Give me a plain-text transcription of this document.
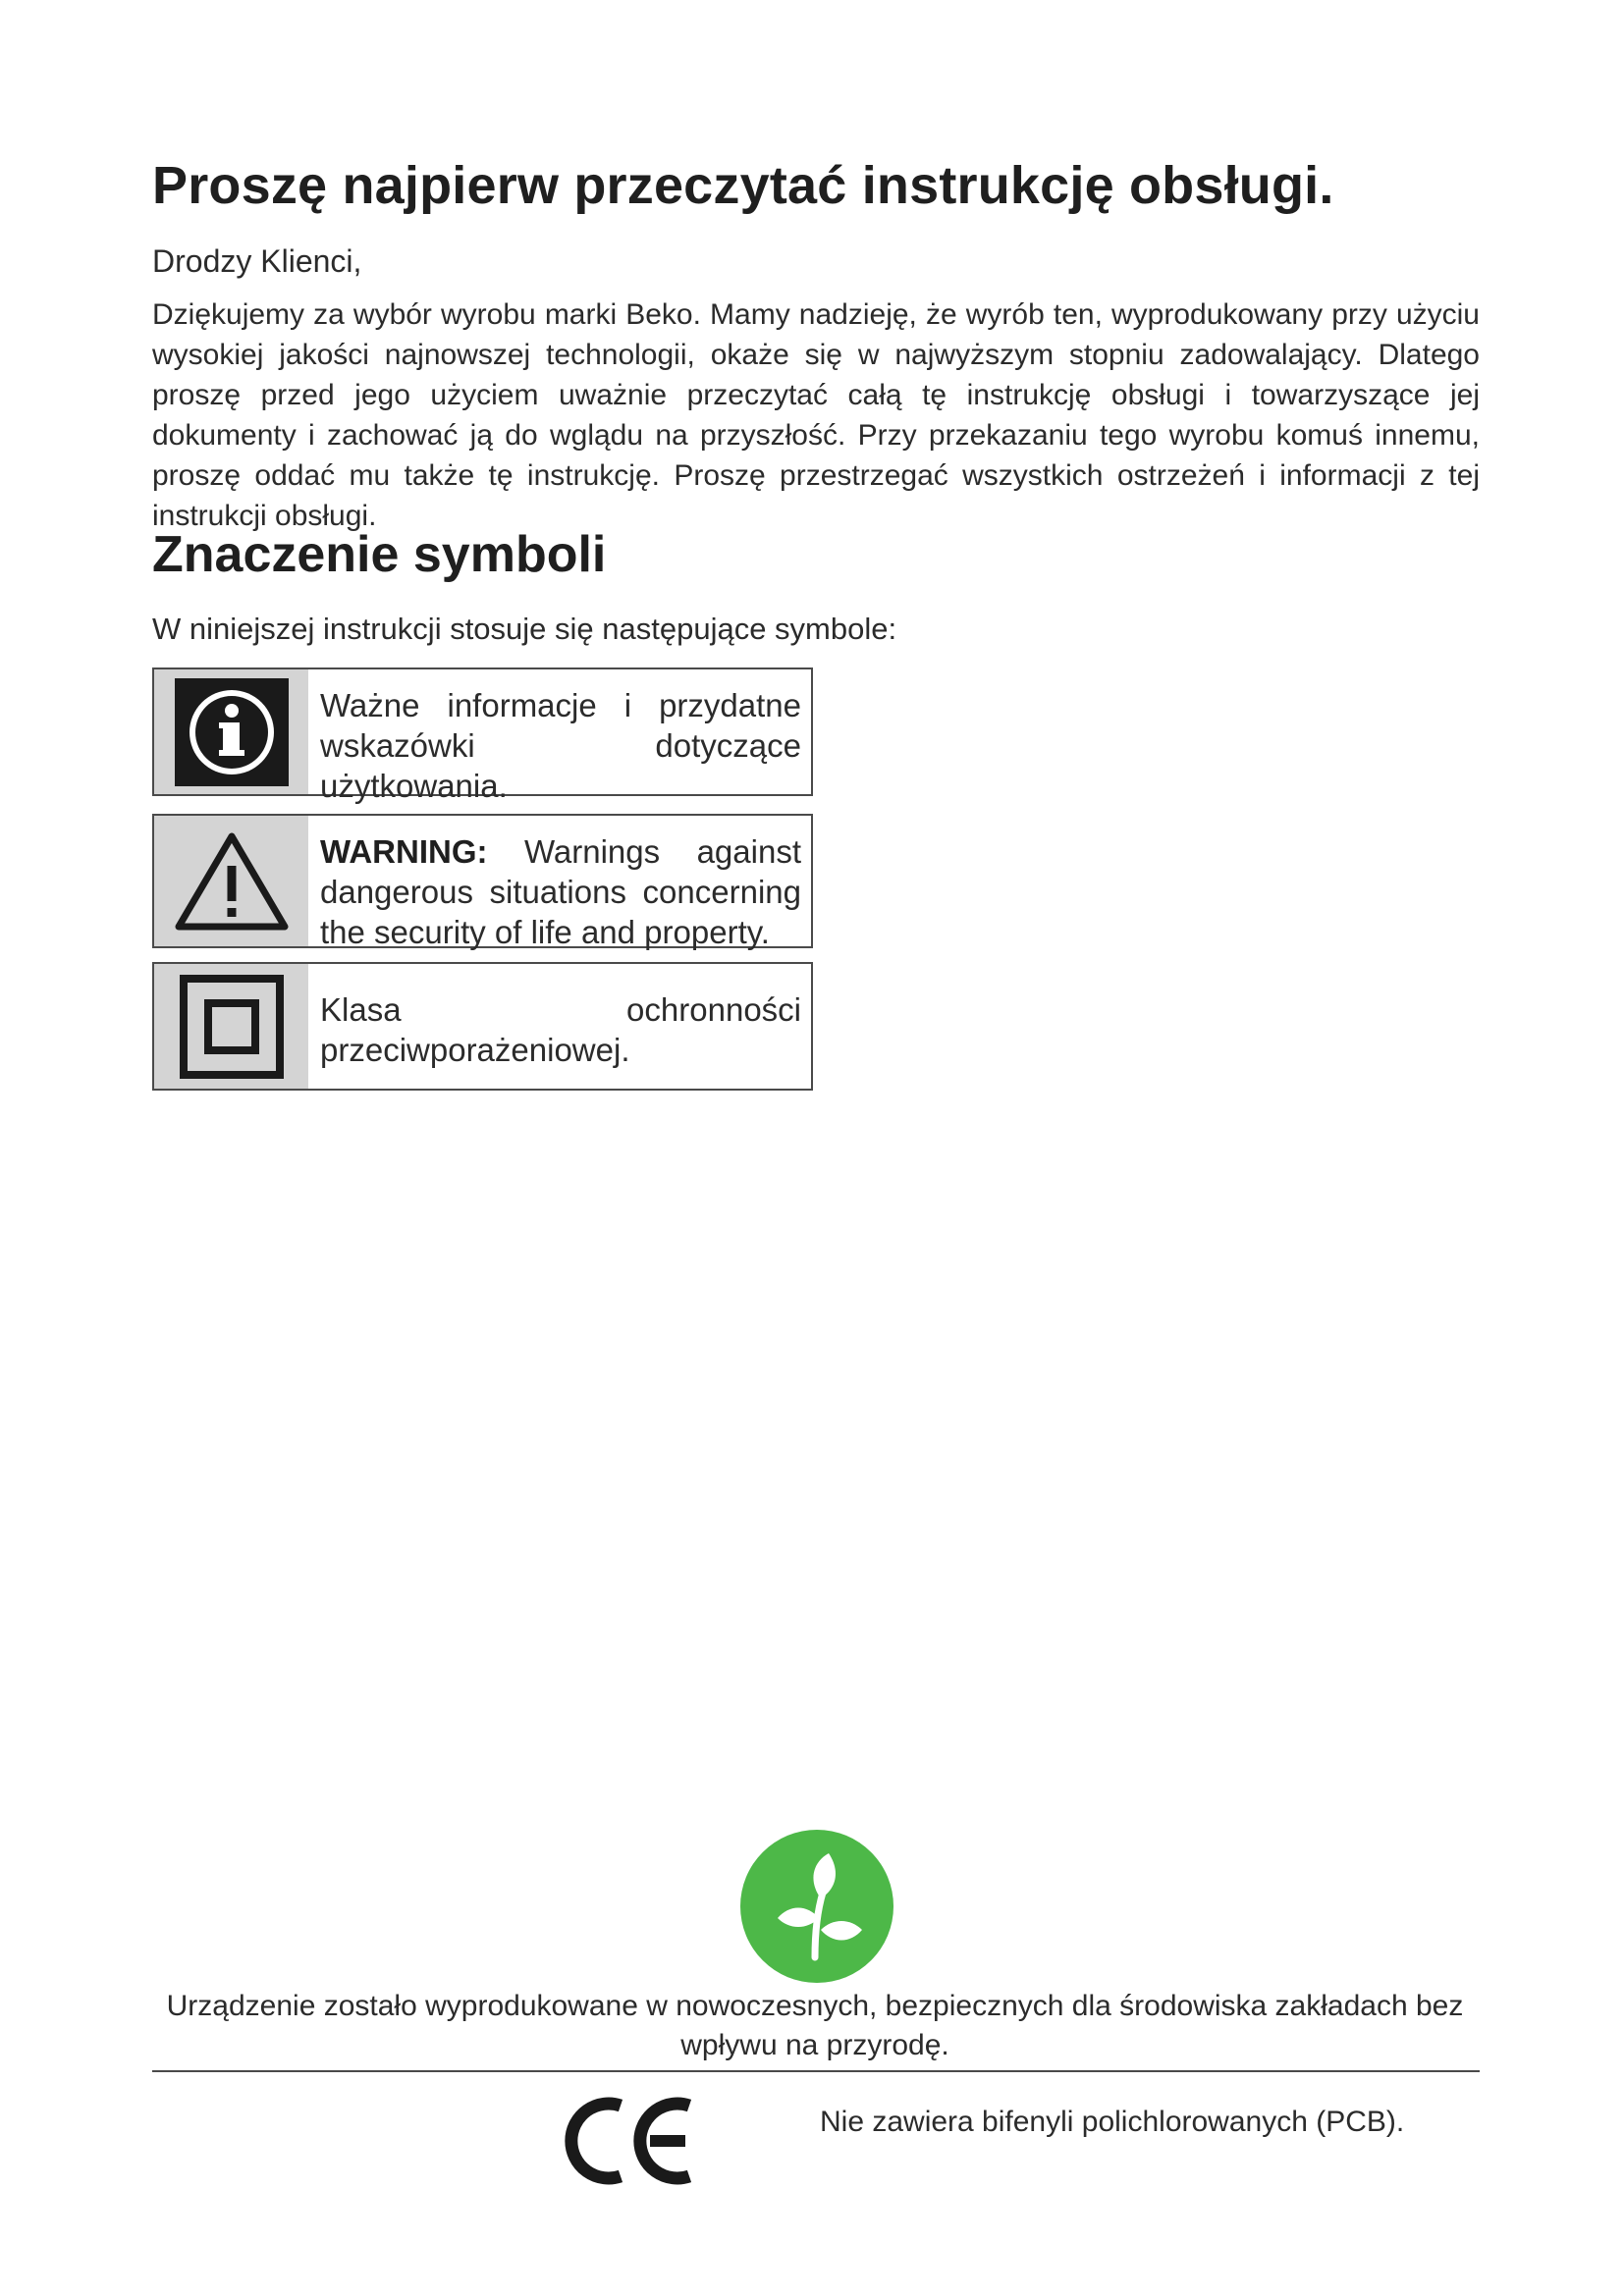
Proszę najpierw przeczytać instrukcję obsługi.

Drodzy Klienci,

Dziękujemy za wybór wyrobu marki Beko. Mamy nadzieję, że wyrób ten, wyprodukowany przy użyciu wysokiej jakości najnowszej technologii, okaże się w najwyższym stopniu zadowalający. Dlatego proszę przed jego użyciem uważnie przeczytać całą tę instrukcję obsługi i towarzyszące jej dokumenty i zachować ją do wglądu na przyszłość. Przy przekazaniu tego wyrobu komuś innemu, proszę oddać mu także tę instrukcję. Proszę przestrzegać wszystkich ostrzeżeń i informacji z tej instrukcji obsługi.

Znaczenie symboli

W niniejszej instrukcji stosuje się następujące symbole:

Ważne informacje i przydatne wskazówki dotyczące użytkowania.
WARNING: Warnings against dangerous situations concerning the security of life and property.
Klasa ochronności przeciwporażeniowej.

Urządzenie zostało wyprodukowane w nowoczesnych, bezpiecznych dla środowiska zakładach bez wpływu na przyrodę.

Nie zawiera bifenyli polichlorowanych (PCB).
